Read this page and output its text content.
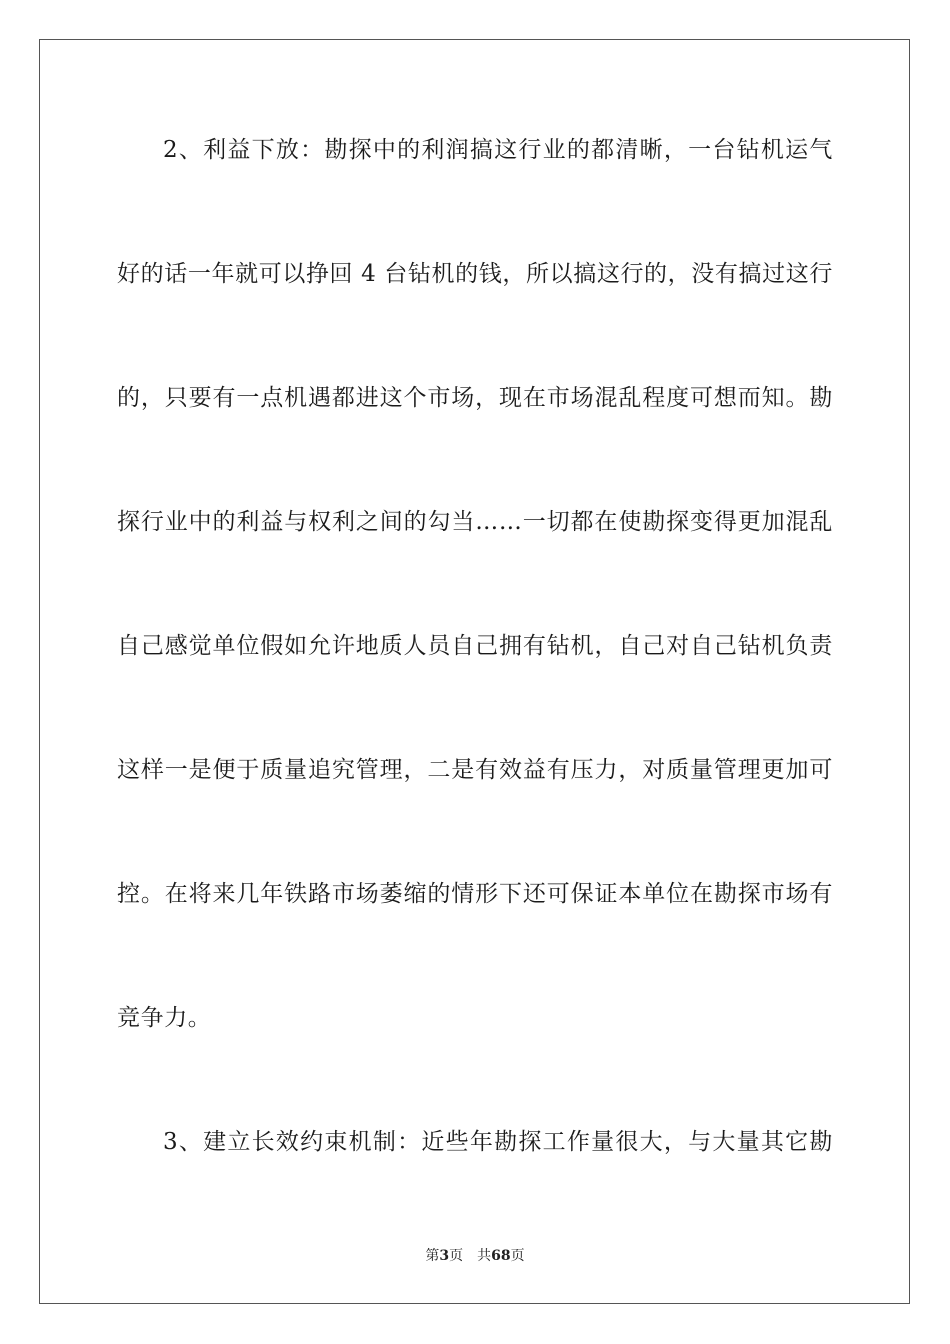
2、利益下放：勘探中的利润搞这行业的都清晰，一台钻机运气
好的话一年就可以挣回 4 台钻机的钱，所以搞这行的，没有搞过这行
的，只要有一点机遇都进这个市场，现在市场混乱程度可想而知。勘
探行业中的利益与权利之间的勾当……一切都在使勘探变得更加混乱
自己感觉单位假如允许地质人员自己拥有钻机，自己对自己钻机负责
这样一是便于质量追究管理，二是有效益有压力，对质量管理更加可
控。在将来几年铁路市场萎缩的情形下还可保证本单位在勘探市场有
竞争力。
3、建立长效约束机制：近些年勘探工作量很大，与大量其它勘
第3页 共68页
